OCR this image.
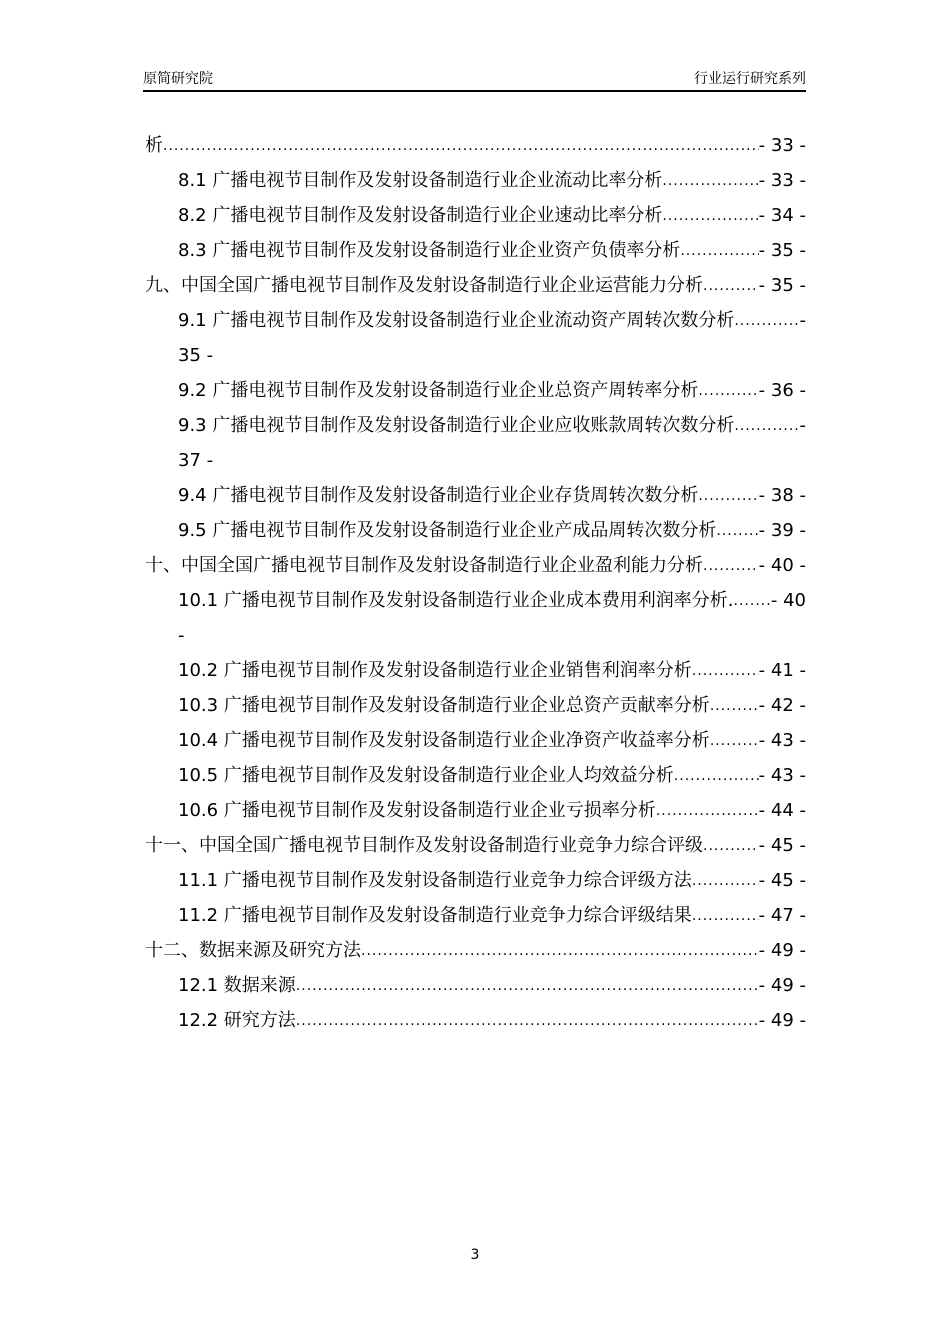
原简研究院	行业运行研究系列
析 .....	- 33 -
8.1 广播电视节目制作及发射设备制造行业企业流动比率分析 .....	- 33 -
8.2 广播电视节目制作及发射设备制造行业企业速动比率分析 .....	- 34 -
8.3 广播电视节目制作及发射设备制造行业企业资产负债率分析 .....	- 35 -
九、中国全国广播电视节目制作及发射设备制造行业企业运营能力分析 .....	- 35 -
9.1 广播电视节目制作及发射设备制造行业企业流动资产周转次数分析 .....	-
35 -
9.2 广播电视节目制作及发射设备制造行业企业总资产周转率分析 .....	- 36 -
9.3 广播电视节目制作及发射设备制造行业企业应收账款周转次数分析 .....	-
37 -
9.4 广播电视节目制作及发射设备制造行业企业存货周转次数分析 .....	- 38 -
9.5 广播电视节目制作及发射设备制造行业企业产成品周转次数分析 ..... - 39 -
十、中国全国广播电视节目制作及发射设备制造行业企业盈利能力分析 .....	- 40 -
10.1 广播电视节目制作及发射设备制造行业企业成本费用利润率分析. ..... - 40
-
10.2 广播电视节目制作及发射设备制造行业企业销售利润率分析 .....	- 41 -
10.3 广播电视节目制作及发射设备制造行业企业总资产贡献率分析 .....	- 42 -
10.4 广播电视节目制作及发射设备制造行业企业净资产收益率分析 .....	- 43 -
10.5 广播电视节目制作及发射设备制造行业企业人均效益分析 .....	- 43 -
10.6 广播电视节目制作及发射设备制造行业企业亏损率分析 .....	- 44 -
十一、中国全国广播电视节目制作及发射设备制造行业竞争力综合评级 .....	- 45 -
11.1 广播电视节目制作及发射设备制造行业竞争力综合评级方法 .....	- 45 -
11.2 广播电视节目制作及发射设备制造行业竞争力综合评级结果 .....	- 47 -
十二、数据来源及研究方法 .....	- 49 -
12.1 数据来源 .....	- 49 -
12.2 研究方法 .....	- 49 -
3
